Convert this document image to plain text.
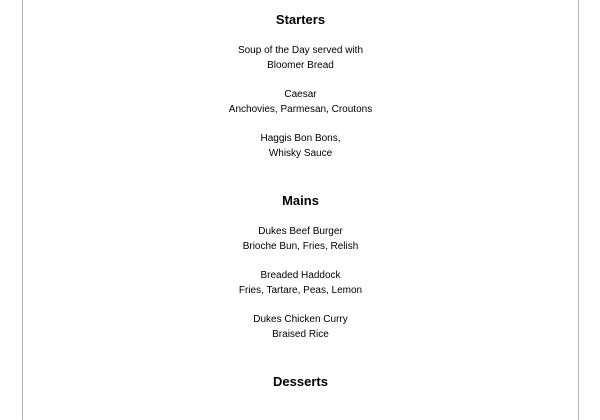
Starters
Soup of the Day served with
Bloomer Bread
Caesar
Anchovies, Parmesan, Croutons
Haggis Bon Bons,
Whisky Sauce
Mains
Dukes Beef Burger
Brioche Bun, Fries, Relish
Breaded Haddock
Fries, Tartare, Peas, Lemon
Dukes Chicken Curry
Braised Rice
Desserts
